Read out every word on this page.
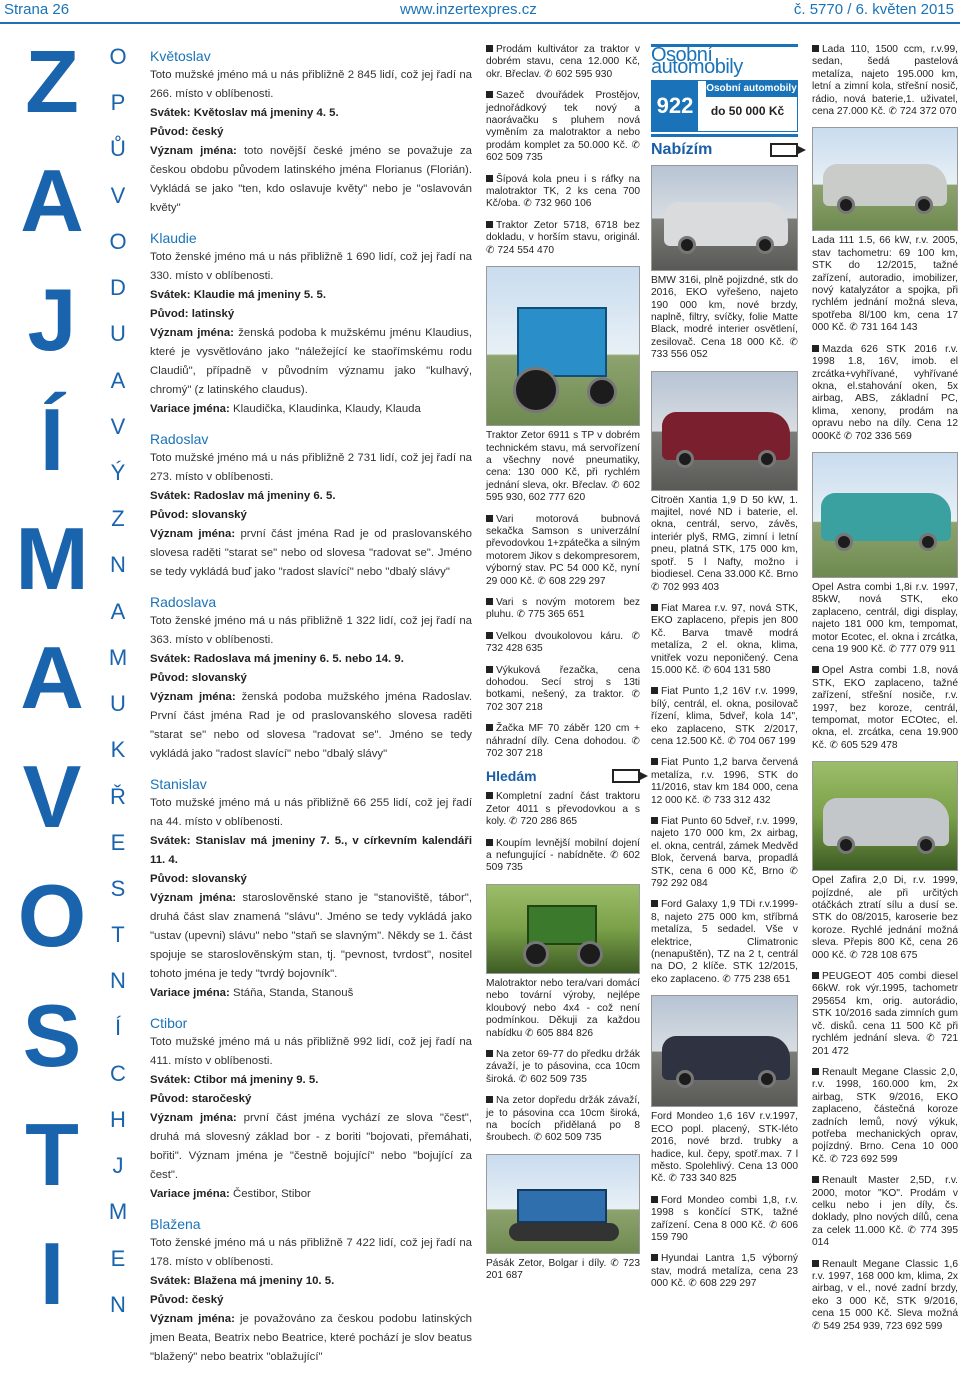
Strana 26	www.inzertexpres.cz	č. 5770 / 6. květen 2015
Z
A
J
Í
M
A
V
O
S
T
I
O
P
Ů
V
O
D
U
A
V
Ý
Z
N
A
M
U
K
Ř
E
S
T
N
Í
C
H
J
M
E
N
Květoslav

Toto mužské jméno má u nás přibližně 2 845 lidí, což jej řadí na 266. místo v oblíbenosti.

Svátek: Květoslav má jmeniny 4. 5.

Původ: český

Význam jména: toto novější české jméno se považuje za českou obdobu původem latinského jména Florianus (Florián). Vykládá se jako "ten, kdo oslavuje květy" nebo je "oslavován květy"

Klaudie

Toto ženské jméno má u nás přibližně 1 690 lidí, což jej řadí na 330. místo v oblíbenosti.

Svátek: Klaudie má jmeniny 5. 5.

Původ: latinský

Význam jména: ženská podoba k mužskému jménu Klaudius, které je vysvětlováno jako "náležející ke staořímskému rodu Claudiů", případně v původním významu jako "kulhavý, chromý" (z latinského claudus).

Variace jména: Klaudička, Klaudinka, Klaudy, Klauda

Radoslav

Toto mužské jméno má u nás přibližně 2 731 lidí, což jej řadí na 273. místo v oblíbenosti.

Svátek: Radoslav má jmeniny 6. 5.

Původ: slovanský

Význam jména: první část jména Rad je od praslovanského slovesa raděti "starat se" nebo od slovesa "radovat se". Jméno se tedy vykládá buď jako "radost slavící" nebo "dbalý slávy"

Radoslava

Toto ženské jméno má u nás přibližně 1 322 lidí, což jej řadí na 363. místo v oblíbenosti.

Svátek: Radoslava má jmeniny 6. 5. nebo 14. 9.

Původ: slovanský

Význam jména: ženská podoba mužského jména Radoslav. První část jména Rad je od praslovanského slovesa raděti "starat se" nebo od slovesa "radovat se". Jméno se tedy vykládá jako "radost slavící" nebo "dbalý slávy"

Stanislav

Toto mužské jméno má u nás přibližně 66 255 lidí, což jej řadí na 44. místo v oblíbenosti.

Svátek: Stanislav má jmeniny 7. 5., v církevním kalendáři 11. 4.

Původ: slovanský

Význam jména: staroslověnské stano je "stanoviště, tábor", druhá část slav znamená "slávu". Jméno se tedy vykládá jako "ustav (upevni) slávu" nebo "staň se slavným". Někdy se 1. část spojuje se staroslověnským stan, tj. "pevnost, tvrdost", nositel tohoto jména je tedy "tvrdý bojovník".

Variace jména: Stáňa, Standa, Stanouš

Ctibor

Toto mužské jméno má u nás přibližně 992 lidí, což jej řadí na 411. místo v oblíbenosti.

Svátek: Ctibor má jmeniny 9. 5.

Původ: staročeský

Význam jména: první část jména vychází ze slova "čest", druhá má slovesný základ bor - z boriti "bojovati, přemáhati, bořiti". Význam jména je "čestně bojující" nebo "bojující za čest".

Variace jména: Čestibor, Stibor

Blažena

Toto ženské jméno má u nás přibližně 7 422 lidí, což jej řadí na 178. místo v oblíbenosti.

Svátek: Blažena má jmeniny 10. 5.

Původ: český

Význam jména: je považováno za českou podobu latinských jmen Beata, Beatrix nebo Beatrice, které pochází je slov beatus "blažený" nebo beatrix "oblažující"

Prodám kultivátor za traktor v dobrém stavu, cena 12.000 Kč, okr. Břeclav. ✆ 602 595 930
Sazeč dvouřádek Prostějov, jednořádkový tek nový a naorávačku s pluhem nová vyměním za malotraktor a nebo prodám komplet za 50.000 Kč. ✆ 602 509 735
Šípová kola pneu i s ráfky na malotraktor TK, 2 ks cena 700 Kč/oba. ✆ 732 960 106
Traktor Zetor 5718, 6718 bez dokladu, v horším stavu, originál. ✆ 724 554 470
Traktor Zetor 6911 s TP v dobrém technickém stavu, má servořízení a všechny nové pneumatiky, cena: 130 000 Kč, při rychlém jednání sleva, okr. Břeclav. ✆ 602 595 930, 602 777 620
Vari motorová bubnová sekačka Samson s univerzální převodovkou 1+zpátečka a silným motorem Jikov s dekompresorem, výborný stav. PC 54 000 Kč, nyní 29 000 Kč. ✆ 608 229 297
Vari s novým motorem bez pluhu. ✆ 775 365 651
Velkou dvoukolovou káru. ✆ 732 428 635
Výkuková řezačka, cena dohodou. Secí stroj s 13ti botkami, nešený, za traktor. ✆ 702 307 218
Žačka MF 70 záběr 120 cm + náhradní díly. Cena dohodou. ✆ 702 307 218
Hledám
Kompletní zadní část traktoru Zetor 4011 s převodovkou a s koly. ✆ 720 286 865
Koupím levnější mobilní dojení a nefungující - nabídněte. ✆ 602 509 735
Malotraktor nebo tera/vari domácí nebo tovární výroby, nejlépe kloubový nebo 4x4 - což není podmínkou. Děkuji za každou nabídku ✆ 605 884 826
Na zetor 69-77 do předku držák závaží, je to pásovina, cca 10cm široká. ✆ 602 509 735
Na zetor dopředu držák závaží, je to pásovina cca 10cm široká, na bocích přidělaná po 8 šroubech. ✆ 602 509 735
Pásák Zetor, Bolgar i díly. ✆ 723 201 687
Osobní automobily
922
Osobní automobily
do 50 000 Kč
Nabízím
BMW 316i, plně pojizdné, stk do 2016, EKO vyřešeno, najeto 190 000 km, nové brzdy, naplně, filtry, svíčky, folie Matte Black, modré interier osvětlení, zesilovač. Cena 18 000 Kč. ✆ 733 556 052
Citroën Xantia 1,9 D 50 kW, 1. majitel, nové ND i baterie, el. okna, centrál, servo, závěs, interiér plyš, RMG, zimní i letní pneu, platná STK, 175 000 km, spotř. 5 l Nafty, možno i biodiesel. Cena 33.000 Kč. Brno ✆ 702 993 403
Fiat Marea r.v. 97, nová STK, EKO zaplaceno, přepis jen 800 Kč. Barva tmavě modrá metalíza, 2 el. okna, klima, vnitřek vozu neponičený. Cena 15.000 Kč. ✆ 604 131 580
Fiat Punto 1,2 16V r.v. 1999, bílý, centrál, el. okna, posilovač řízení, klima, 5dveř, kola 14", eko zaplaceno, STK 2/2017, cena 12.500 Kč. ✆ 704 067 199
Fiat Punto 1,2 barva červená metalíza, r.v. 1996, STK do 11/2016, stav km 184 000, cena 12 000 Kč. ✆ 733 312 432
Fiat Punto 60 5dveř, r.v. 1999, najeto 170 000 km, 2x airbag, el. okna, centrál, zámek Medvěd Blok, červená barva, propadlá STK, cena 6 000 Kč, Brno ✆ 792 292 084
Ford Galaxy 1,9 TDi r.v.1999-8, najeto 275 000 km, stříbrná metalíza, 5 sedadel. Vše v elektrice, Climatronic (nenapuštěn), TZ na 2 t, centrál na DO, 2 klíče. STK 12/2015, eko zaplaceno. ✆ 775 238 651
Ford Mondeo 1,6 16V r.v.1997, ECO popl. placený, STK-léto 2016, nové brzd. trubky a hadice, kul. čepy, spotř.max. 7 l město. Spolehlivý. Cena 13 000 Kč. ✆ 733 340 825
Ford Mondeo combi 1,8, r.v. 1998 s končící STK, tažné zařízení. Cena 8 000 Kč. ✆ 606 159 790
Hyundai Lantra 1,5 výborný stav, modrá metalíza, cena 23 000 Kč. ✆ 608 229 297
Lada 110, 1500 ccm, r.v.99, sedan, šedá pastelová metalíza, najeto 195.000 km, letní a zimní kola, střešní nosič, rádio, nová baterie,1. uživatel, cena 27.000 Kč. ✆ 724 372 070
Lada 111 1.5, 66 kW, r.v. 2005, stav tachometru: 69 100 km, STK do 12/2015, tažné zařízení, autoradio, imobilizer, nový katalyzátor a spojka, při rychlém jednání možná sleva, spotřeba 8l/100 km, cena 17 000 Kč. ✆ 731 164 143
Mazda 626 STK 2016 r.v. 1998 1.8, 16V, imob. el zrcátka+vyhřívané, vyhřívané okna, el.stahování oken, 5x airbag, ABS, základní PC, klima, xenony, prodám na opravu nebo na díly. Cena 12 000Kč ✆ 702 336 569
Opel Astra combi 1,8i r.v. 1997, 85kW, nová STK, eko zaplaceno, centrál, digi display, najeto 181 000 km, tempomat, motor Ecotec, el. okna i zrcátka, cena 19 900 Kč. ✆ 777 079 911
Opel Astra combi 1.8, nová STK, EKO zaplaceno, tažné zařízení, střešní nosiče, r.v. 1997, bez koroze, centrál, tempomat, motor ECOtec, el. okna, el. zrcátka, cena 19.900 Kč. ✆ 605 529 478
Opel Zafira 2,0 Di, r.v. 1999, pojízdné, ale při určitých otáčkách ztratí sílu a dusí se. STK do 08/2015, karoserie bez koroze. Rychlé jednání možná sleva. Přepis 800 Kč, cena 26 000 Kč. ✆ 728 108 675
PEUGEOT 405 combi diesel 66kW. rok výr.1995, tachometr 295654 km, orig. autorádio, STK 10/2016 sada zimních gum vč. disků. cena 11 500 Kč při rychlém jednání sleva. ✆ 721 201 472
Renault Megane Classic 2,0, r.v. 1998, 160.000 km, 2x airbag, STK 9/2016, EKO zaplaceno, částečná koroze zadních lemů, nový výkuk, potřeba mechanických oprav, pojízdný. Brno. Cena 10 000 Kč. ✆ 723 692 599
Renault Master 2,5D, r.v. 2000, motor "KO". Prodám v celku nebo i jen díly, čs. doklady, plno nových dílů, cena za celek 11.000 Kč. ✆ 774 395 014
Renault Megane Classic 1,6 r.v. 1997, 168 000 km, klima, 2x airbag, v el., nové zadní brzdy, eko 3 000 Kč, STK 9/2016, cena 15 000 Kč. Sleva možná ✆ 549 254 939, 723 692 599
